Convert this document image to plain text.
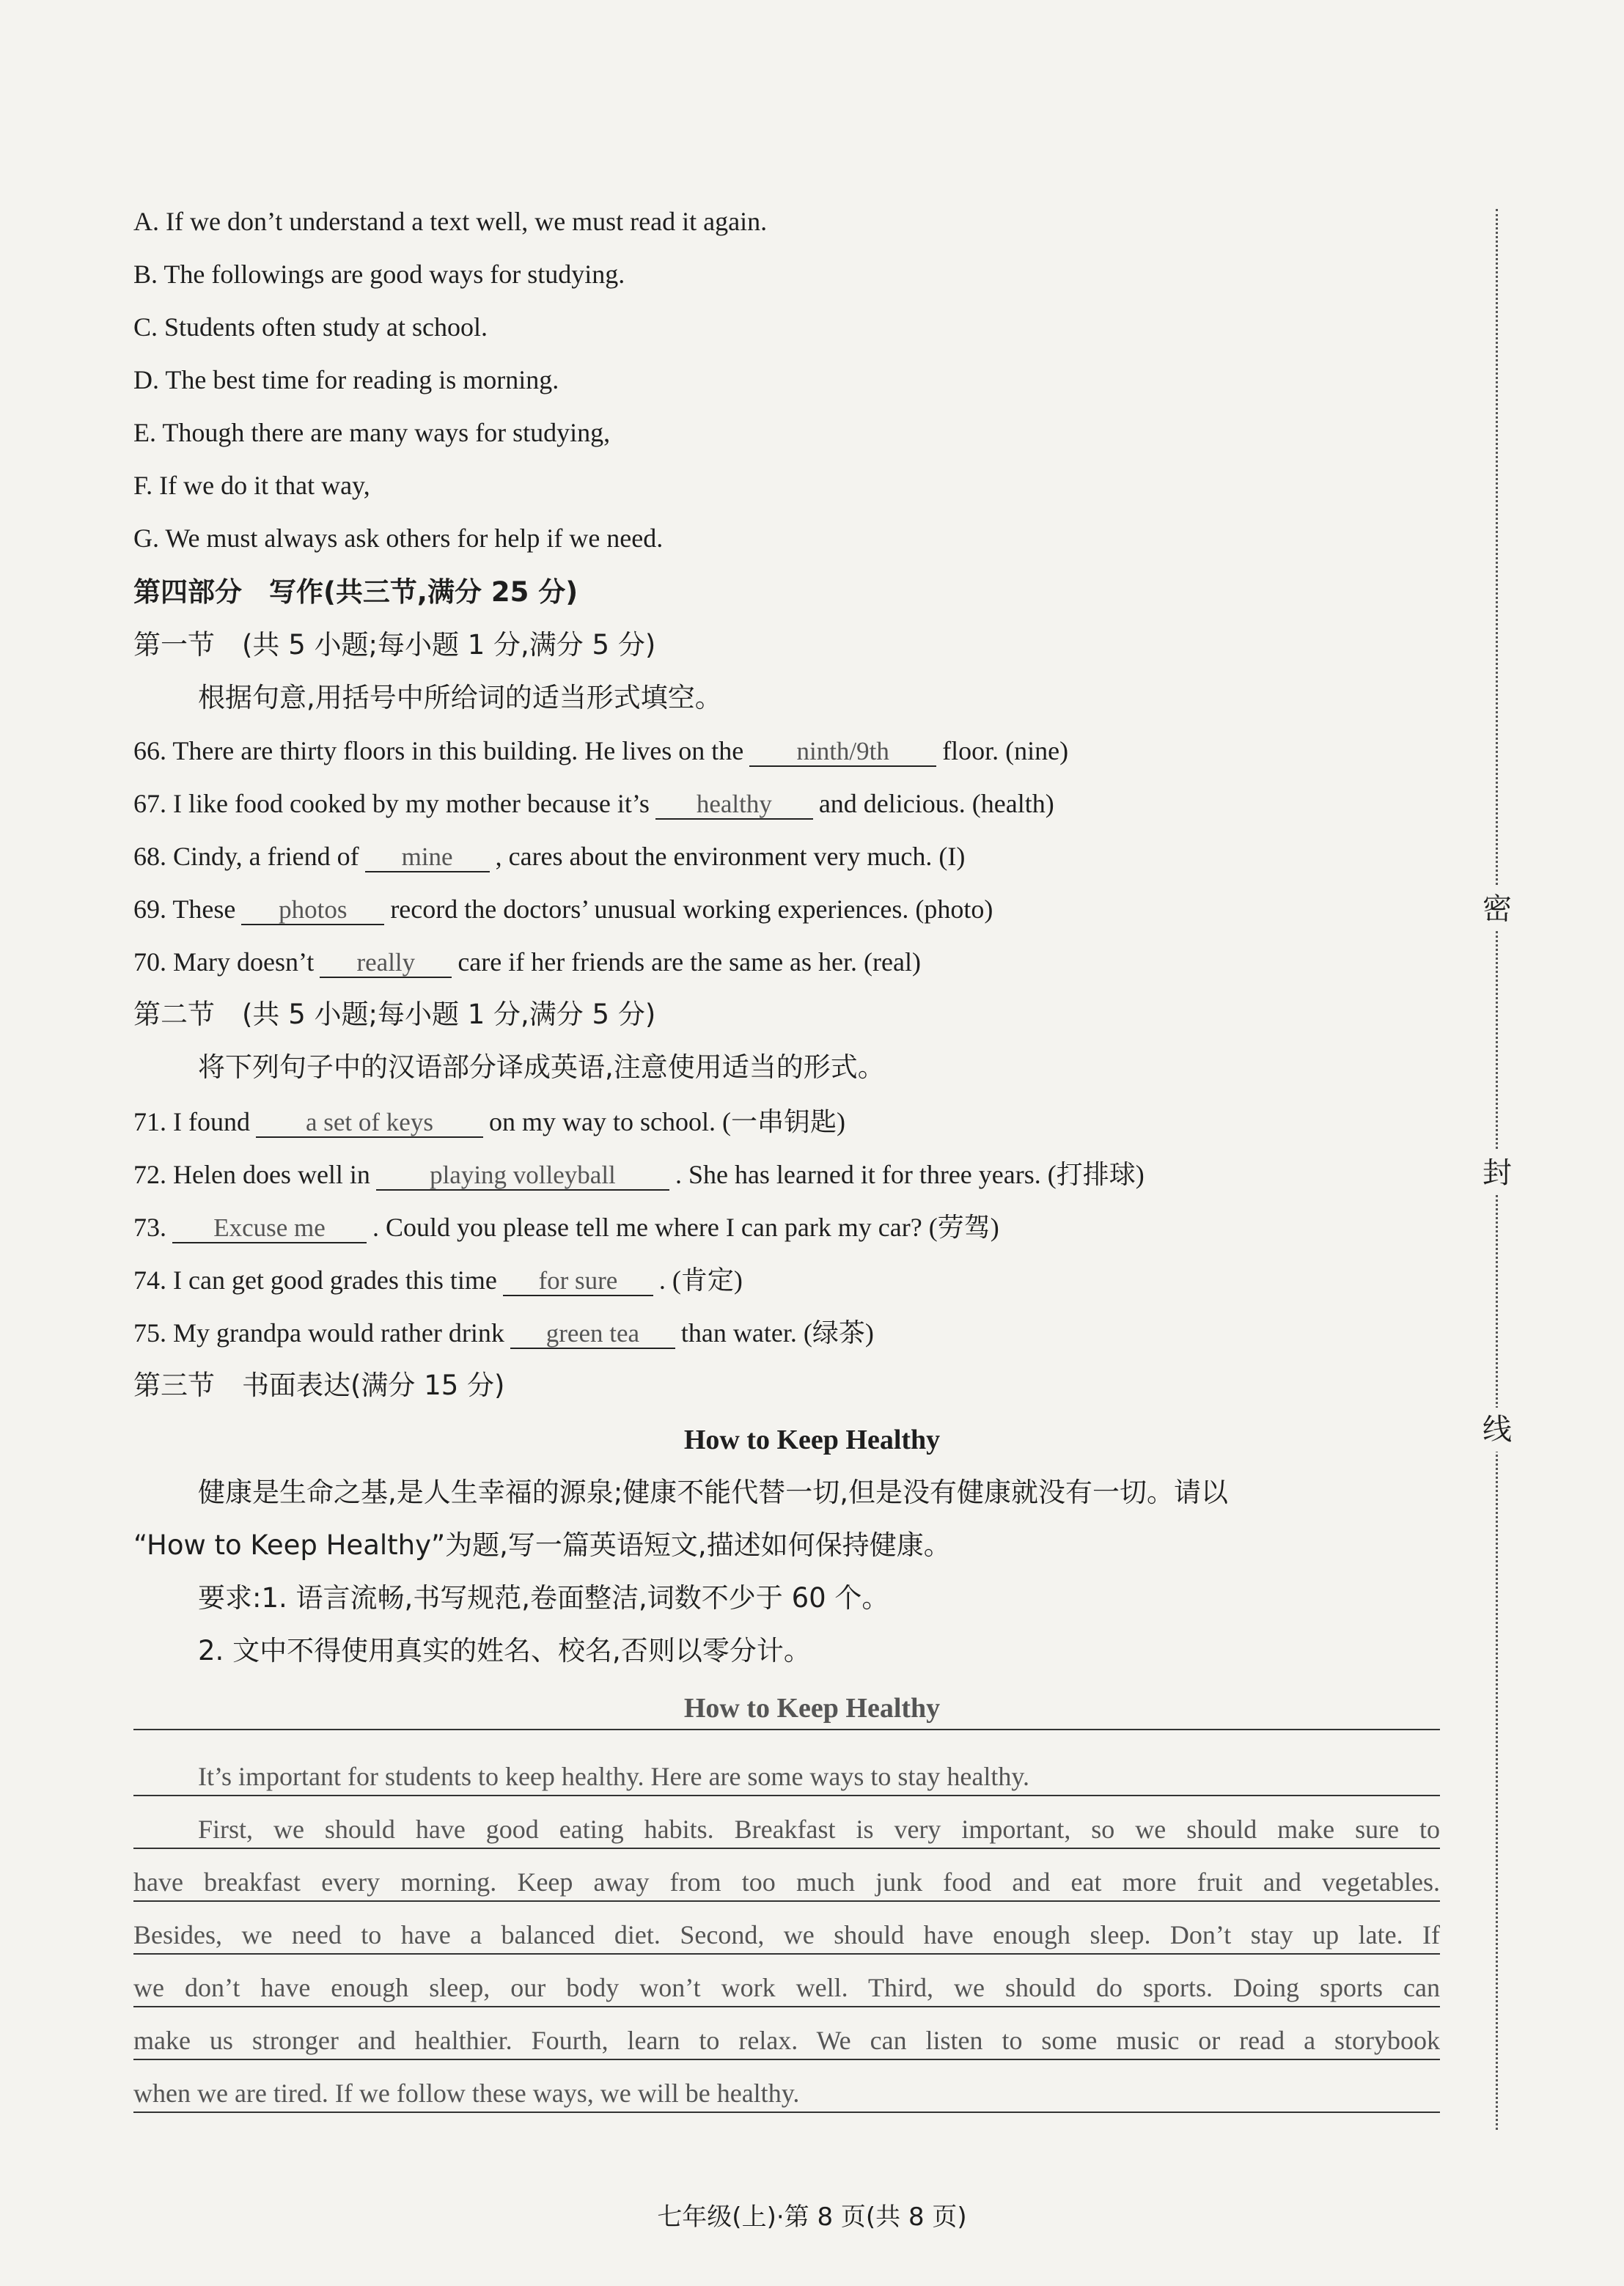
A. If we don’t understand a text well, we must read it again.
B. The followings are good ways for studying.
C. Students often study at school.
D. The best time for reading is morning.
E. Though there are many ways for studying,
F. If we do it that way,
G. We must always ask others for help if we need.
第四部分　写作(共三节,满分 25 分)
第一节　(共 5 小题;每小题 1 分,满分 5 分)
根据句意,用括号中所给词的适当形式填空。
66. There are thirty floors in this building. He lives on the ninth/9th floor. (nine)
67. I like food cooked by my mother because it’s healthy and delicious. (health)
68. Cindy, a friend of mine , cares about the environment very much. (I)
69. These photos record the doctors’ unusual working experiences. (photo)
70. Mary doesn’t really care if her friends are the same as her. (real)
第二节　(共 5 小题;每小题 1 分,满分 5 分)
将下列句子中的汉语部分译成英语,注意使用适当的形式。
71. I found a set of keys on my way to school. (一串钥匙)
72. Helen does well in playing volleyball . She has learned it for three years. (打排球)
73. Excuse me . Could you please tell me where I can park my car? (劳驾)
74. I can get good grades this time for sure . (肯定)
75. My grandpa would rather drink green tea than water. (绿茶)
第三节　书面表达(满分 15 分)
How to Keep Healthy
健康是生命之基,是人生幸福的源泉;健康不能代替一切,但是没有健康就没有一切。请以
“How to Keep Healthy”为题,写一篇英语短文,描述如何保持健康。
要求:1. 语言流畅,书写规范,卷面整洁,词数不少于 60 个。
2. 文中不得使用真实的姓名、校名,否则以零分计。
How to Keep Healthy
It’s important for students to keep healthy. Here are some ways to stay healthy.
First, we should have good eating habits. Breakfast is very important, so we should make sure to
have breakfast every morning. Keep away from too much junk food and eat more fruit and vegetables.
Besides, we need to have a balanced diet. Second, we should have enough sleep. Don’t stay up late. If
we don’t have enough sleep, our body won’t work well. Third, we should do sports. Doing sports can
make us stronger and healthier. Fourth, learn to relax. We can listen to some music or read a storybook
when we are tired. If we follow these ways, we will be healthy.
密
封
线
七年级(上)·第 8 页(共 8 页)
